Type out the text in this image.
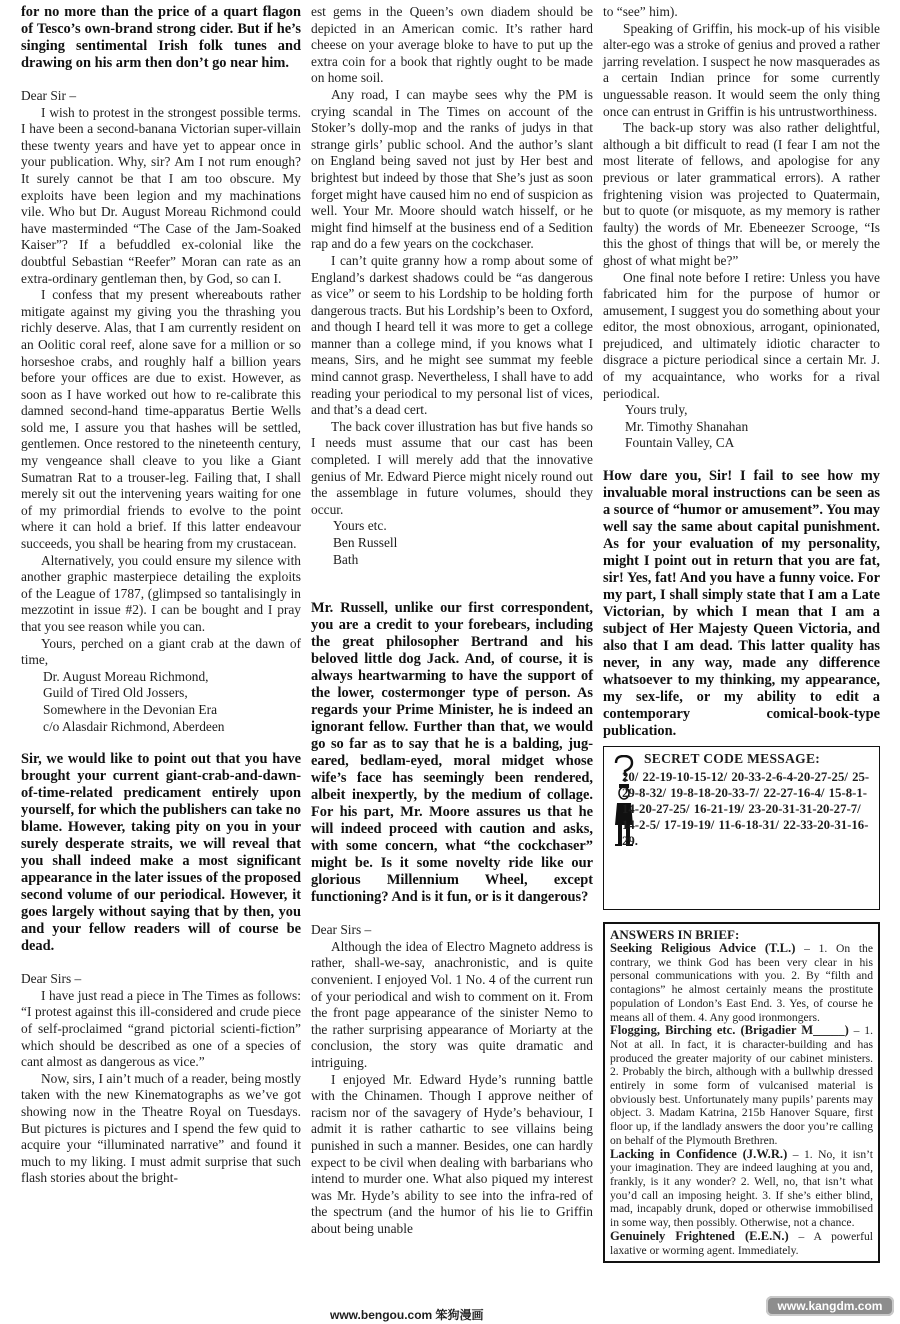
for no more than the price of a quart flagon of Tesco’s own-brand strong cider. But if he’s singing sentimental Irish folk tunes and drawing on his arm then don’t go near him.

Dear Sir –

I wish to protest in the strongest possible terms. I have been a second-banana Victorian super-villain these twenty years and have yet to appear once in your publication. Why, sir? Am I not rum enough? It surely cannot be that I am too obscure. My exploits have been legion and my machinations vile. Who but Dr. August Moreau Richmond could have masterminded “The Case of the Jam-Soaked Kaiser”? If a befuddled ex-colonial like the doubtful Sebastian “Reefer” Moran can rate as an extra-ordinary gentleman then, by God, so can I.

I confess that my present whereabouts rather mitigate against my giving you the thrashing you richly deserve. Alas, that I am currently resident on an Oolitic coral reef, alone save for a million or so horseshoe crabs, and roughly half a billion years before your offices are due to exist. However, as soon as I have worked out how to re-calibrate this damned second-hand time-apparatus Bertie Wells sold me, I assure you that hashes will be settled, gentlemen. Once restored to the nineteenth century, my vengeance shall cleave to you like a Giant Sumatran Rat to a trouser-leg. Failing that, I shall merely sit out the intervening years waiting for one of my primordial friends to evolve to the point where it can hold a brief. If this latter endeavour succeeds, you shall be hearing from my crustacean.

Alternatively, you could ensure my silence with another graphic masterpiece detailing the exploits of the League of 1787, (glimpsed so tantalisingly in mezzotint in issue #2). I can be bought and I pray that you see reason while you can.

Yours, perched on a giant crab at the dawn of time,

Dr. August Moreau Richmond,

Guild of Tired Old Jossers,

Somewhere in the Devonian Era

c/o Alasdair Richmond, Aberdeen

Sir, we would like to point out that you have brought your current giant-crab-and-dawn-of-time-related predicament entirely upon yourself, for which the publishers can take no blame. However, taking pity on you in your surely desperate straits, we will reveal that you shall indeed make a most significant appearance in the later issues of the proposed second volume of our periodical. However, it goes largely without saying that by then, you and your fellow readers will of course be dead.

Dear Sirs –

I have just read a piece in The Times as follows: “I protest against this ill-considered and crude piece of self-proclaimed “grand pictorial scienti-fiction” which should be described as one of a species of cant almost as dangerous as vice.”

Now, sirs, I ain’t much of a reader, being mostly taken with the new Kinematographs as we’ve got showing now in the Theatre Royal on Tuesdays. But pictures is pictures and I spend the few quid to acquire your “illuminated narrative” and found it much to my liking. I must admit surprise that such flash stories about the bright-

est gems in the Queen’s own diadem should be depicted in an American comic. It’s rather hard cheese on your average bloke to have to put up the extra coin for a book that rightly ought to be made on home soil.

Any road, I can maybe sees why the PM is crying scandal in The Times on account of the Stoker’s dolly-mop and the ranks of judys in that strange girls’ public school. And the author’s slant on England being saved not just by Her best and brightest but indeed by those that She’s just as soon forget might have caused him no end of suspicion as well. Your Mr. Moore should watch hisself, or he might find himself at the business end of a Sedition rap and do a few years on the cockchaser.

I can’t quite granny how a romp about some of England’s darkest shadows could be “as dangerous as vice” or seem to his Lordship to be holding forth dangerous tracts. But his Lordship’s been to Oxford, and though I heard tell it was more to get a college manner than a college mind, if you knows what I means, Sirs, and he might see summat my feeble mind cannot grasp. Nevertheless, I shall have to add reading your periodical to my personal list of vices, and that’s a dead cert.

The back cover illustration has but five hands so I needs must assume that our cast has been completed. I will merely add that the innovative genius of Mr. Edward Pierce might nicely round out the assemblage in future volumes, should they occur.

Yours etc.

Ben Russell

Bath

Mr. Russell, unlike our first correspondent, you are a credit to your forebears, including the great philosopher Bertrand and his beloved little dog Jack. And, of course, it is always heartwarming to have the support of the lower, costermonger type of person. As regards your Prime Minister, he is indeed an ignorant fellow. Further than that, we would go so far as to say that he is a balding, jug-eared, bedlam-eyed, moral midget whose wife’s face has seemingly been rendered, albeit inexpertly, by the medium of collage. For his part, Mr. Moore assures us that he will indeed proceed with caution and asks, with some concern, what “the cockchaser” might be. Is it some novelty ride like our glorious Millennium Wheel, except functioning? And is it fun, or is it dangerous?

Dear Sirs –

Although the idea of Electro Magneto address is rather, shall-we-say, anachronistic, and is quite convenient. I enjoyed Vol. 1 No. 4 of the current run of your periodical and wish to comment on it. From the front page appearance of the sinister Nemo to the rather surprising appearance of Moriarty at the conclusion, the story was quite dramatic and intriguing.

I enjoyed Mr. Edward Hyde’s running battle with the Chinamen. Though I approve neither of racism nor of the savagery of Hyde’s behaviour, I admit it is rather cathartic to see villains being punished in such a manner. Besides, one can hardly expect to be civil when dealing with barbarians who intend to murder one. What also piqued my interest was Mr. Hyde’s ability to see into the infra-red of the spectrum (and the humor of his lie to Griffin about being unable

to “see” him).

Speaking of Griffin, his mock-up of his visible alter-ego was a stroke of genius and proved a rather jarring revelation. I suspect he now masquerades as a certain Indian prince for some currently unguessable reason. It would seem the only thing once can entrust in Griffin is his untrustworthiness.

The back-up story was also rather delightful, although a bit difficult to read (I fear I am not the most literate of fellows, and apologise for any previous or later grammatical errors). A rather frightening vision was projected to Quatermain, but to quote (or misquote, as my memory is rather faulty) the words of Mr. Ebeneezer Scrooge, “Is this the ghost of things that will be, or merely the ghost of what might be?”

One final note before I retire: Unless you have fabricated him for the purpose of humor or amusement, I suggest you do something about your editor, the most obnoxious, arrogant, opinionated, prejudiced, and ultimately idiotic character to disgrace a picture periodical since a certain Mr. J. of my acquaintance, who works for a rival periodical.

Yours truly,

Mr. Timothy Shanahan

Fountain Valley, CA

How dare you, Sir! I fail to see how my invaluable moral instructions can be seen as a source of “humor or amusement”. You may well say the same about capital punishment. As for your evaluation of my personality, might I point out in return that you are fat, sir! Yes, fat! And you have a funny voice. For my part, I shall simply state that I am a Late Victorian, by which I mean that I am a subject of Her Majesty Queen Victoria, and also that I am dead. This latter quality has never, in any way, made any difference whatsoever to my thinking, my appearance, my sex-life, or my ability to edit a contemporary comical-book-type publication.

SECRET CODE MESSAGE:
20/ 22-19-10-15-12/ 20-33-2-6-4-20-27-25/ 25-29-8-32/ 19-8-18-20-33-7/ 22-27-16-4/ 15-8-1-14-20-27-25/ 16-21-19/ 23-20-31-31-20-27-7/ 14-2-5/ 17-19-19/ 11-6-18-31/ 22-33-20-31-16-29.
ANSWERS IN BRIEF:

Seeking Religious Advice (T.L.) – 1. On the contrary, we think God has been very clear in his personal communications with you. 2. By “filth and contagions” he almost certainly means the prostitute population of London’s East End. 3. Yes, of course he means all of them. 4. Any good ironmongers.

Flogging, Birching etc. (Brigadier M_____) – 1. Not at all. In fact, it is character-building and has produced the greater majority of our cabinet ministers. 2. Probably the birch, although with a bullwhip dressed entirely in some form of vulcanised material is obviously best. Unfortunately many pupils’ parents may object. 3. Madam Katrina, 215b Hanover Square, first floor up, if the landlady answers the door you’re calling on behalf of the Plymouth Brethren.

Lacking in Confidence (J.W.R.) – 1. No, it isn’t your imagination. They are indeed laughing at you and, frankly, is it any wonder? 2. Well, no, that isn’t what you’d call an imposing height. 3. If she’s either blind, mad, incapably drunk, doped or otherwise immobilised in some way, then possibly. Otherwise, not a chance.

Genuinely Frightened (E.E.N.) – A powerful laxative or worming agent. Immediately.

www.bengou.com 笨狗漫画
www.kangdm.com
